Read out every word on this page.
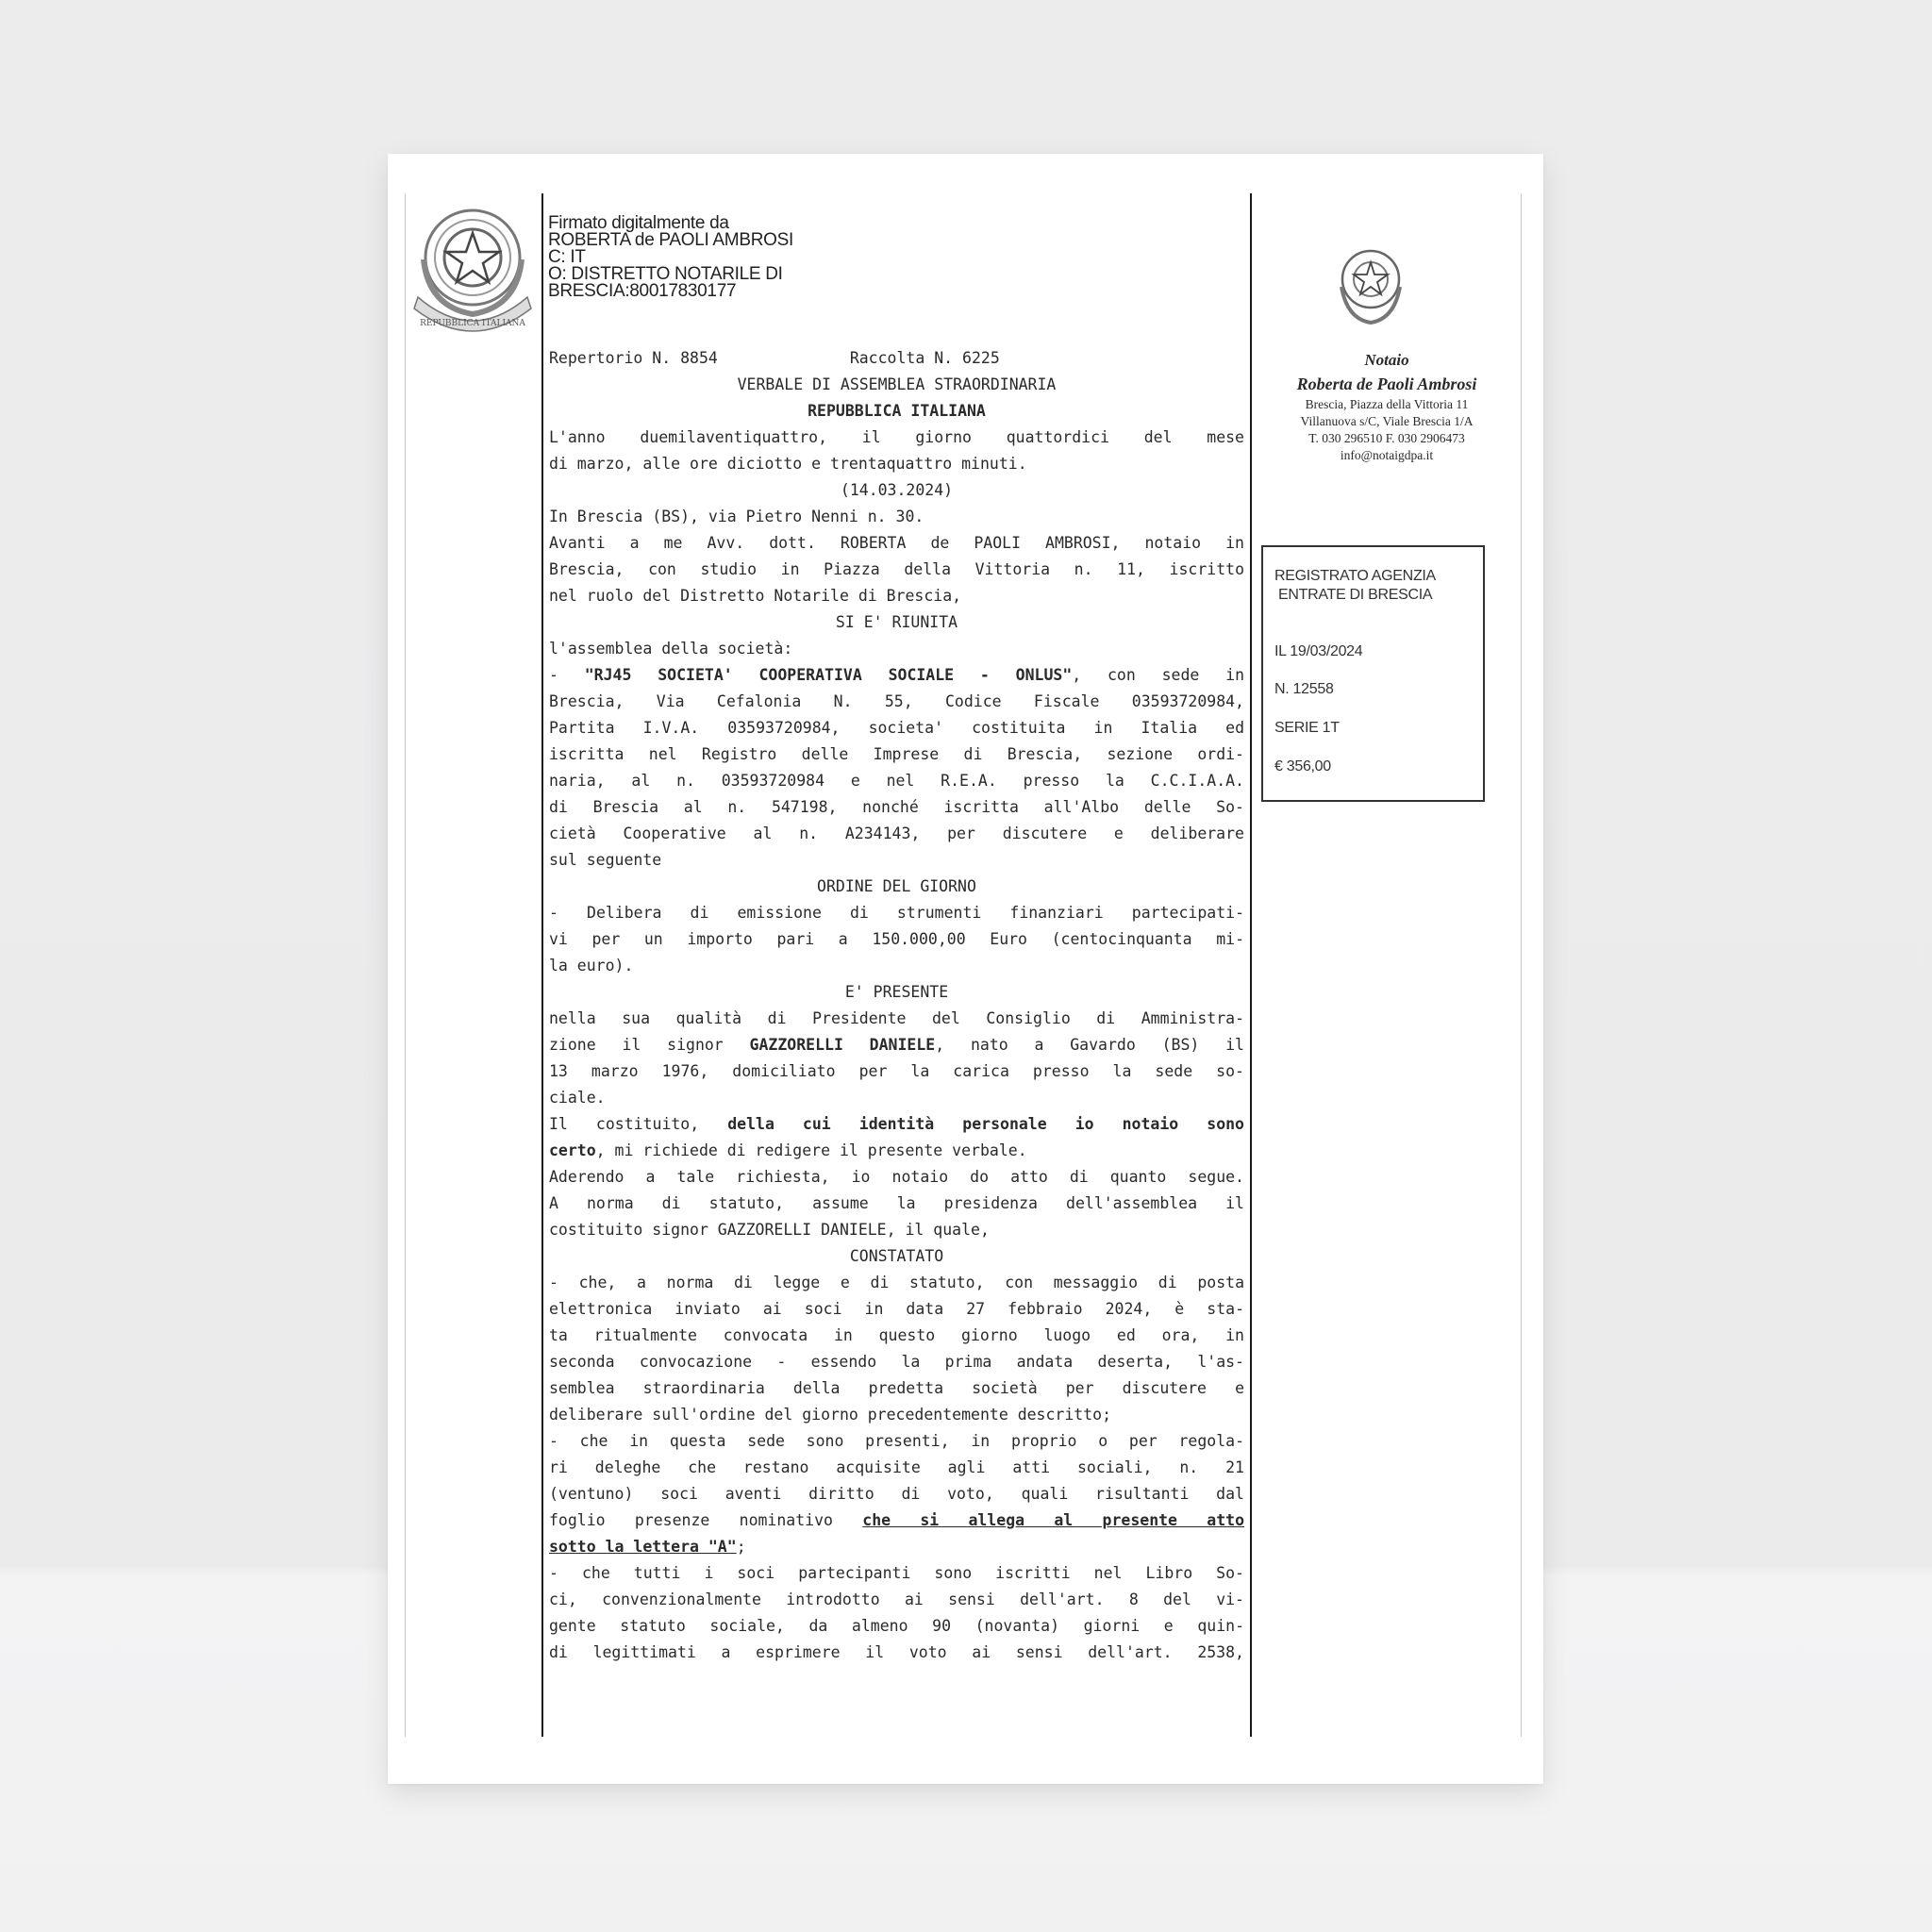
REPUBBLICA ITALIANA
Firmato digitalmente da
ROBERTA de PAOLI AMBROSI
C: IT
O: DISTRETTO NOTARILE DI
BRESCIA:80017830177
Repertorio N. 8854	Raccolta N. 6225
VERBALE DI ASSEMBLEA STRAORDINARIA
REPUBBLICA ITALIANA
L'anno duemilaventiquattro, il giorno quattordici del mese
di marzo, alle ore diciotto e trentaquattro minuti.
(14.03.2024)
In Brescia (BS), via Pietro Nenni n. 30.
Avanti a me Avv. dott. ROBERTA de PAOLI AMBROSI, notaio in
Brescia, con studio in Piazza della Vittoria n. 11, iscritto
nel ruolo del Distretto Notarile di Brescia,
SI E' RIUNITA
l'assemblea della società:
- "RJ45 SOCIETA' COOPERATIVA SOCIALE - ONLUS", con sede in
Brescia, Via Cefalonia N. 55, Codice Fiscale 03593720984,
Partita I.V.A. 03593720984, societa' costituita in Italia ed
iscritta nel Registro delle Imprese di Brescia, sezione ordi-
naria, al n. 03593720984 e nel R.E.A. presso la C.C.I.A.A.
di Brescia al n. 547198, nonché iscritta all'Albo delle So-
cietà Cooperative al n. A234143, per discutere e deliberare
sul seguente
ORDINE DEL GIORNO
- Delibera di emissione di strumenti finanziari partecipati-
vi per un importo pari a 150.000,00 Euro (centocinquanta mi-
la euro).
E' PRESENTE
nella sua qualità di Presidente del Consiglio di Amministra-
zione il signor GAZZORELLI DANIELE, nato a Gavardo (BS) il
13 marzo 1976, domiciliato per la carica presso la sede so-
ciale.
Il costituito, della cui identità personale io notaio sono
certo, mi richiede di redigere il presente verbale.
Aderendo a tale richiesta, io notaio do atto di quanto segue.
A norma di statuto, assume la presidenza dell'assemblea il
costituito signor GAZZORELLI DANIELE, il quale,
CONSTATATO
- che, a norma di legge e di statuto, con messaggio di posta
elettronica inviato ai soci in data 27 febbraio 2024, è sta-
ta ritualmente convocata in questo giorno luogo ed ora, in
seconda convocazione - essendo la prima andata deserta, l'as-
semblea straordinaria della predetta società per discutere e
deliberare sull'ordine del giorno precedentemente descritto;
- che in questa sede sono presenti, in proprio o per regola-
ri deleghe che restano acquisite agli atti sociali, n. 21
(ventuno) soci aventi diritto di voto, quali risultanti dal
foglio presenze nominativo che si allega al presente atto
sotto la lettera "A";
- che tutti i soci partecipanti sono iscritti nel Libro So-
ci, convenzionalmente introdotto ai sensi dell'art. 8 del vi-
gente statuto sociale, da almeno 90 (novanta) giorni e quin-
di legittimati a esprimere il voto ai sensi dell'art. 2538,
Notaio
Roberta de Paoli Ambrosi
Brescia, Piazza della Vittoria 11
Villanuova s/C, Viale Brescia 1/A
T. 030 296510 F. 030 2906473
info@notaigdpa.it
REGISTRATO AGENZIA
ENTRATE DI BRESCIA
IL 19/03/2024
N. 12558
SERIE 1T
€ 356,00
